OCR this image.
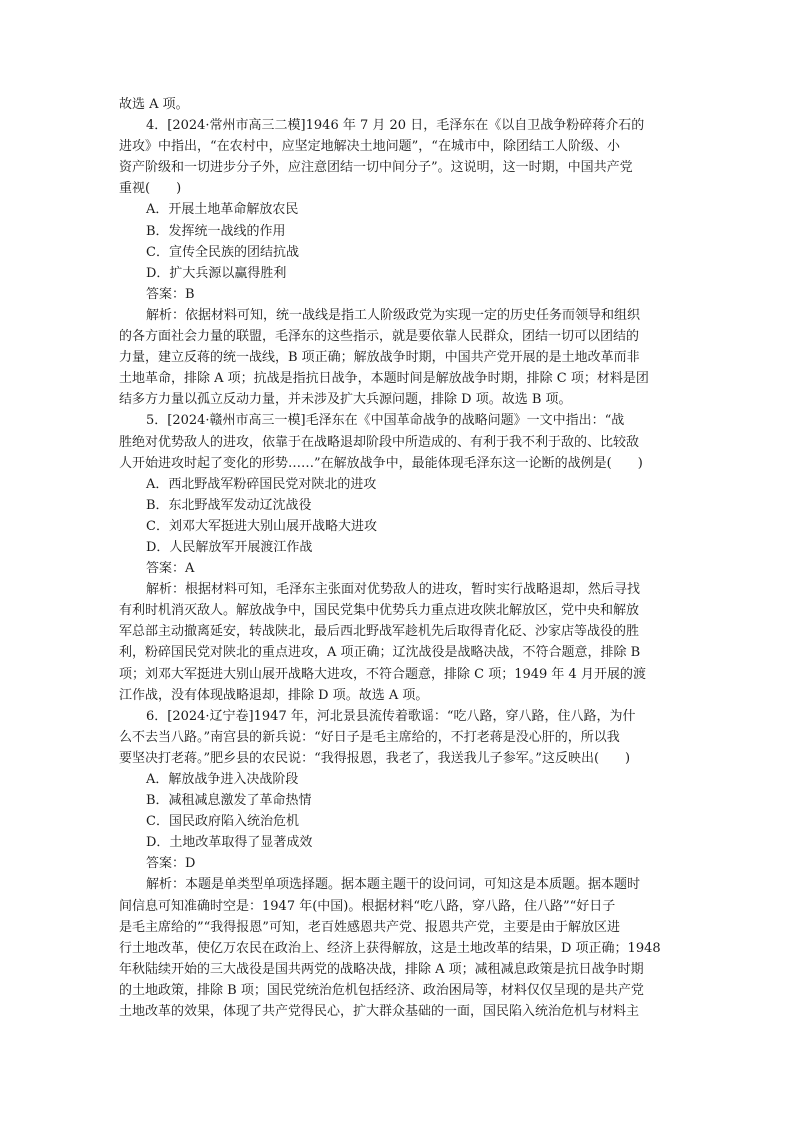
故选 A 项。
4．[2024·常州市高三二模]1946 年 7 月 20 日，毛泽东在《以自卫战争粉碎蒋介石的
进攻》中指出，“在农村中，应坚定地解决土地问题”，“在城市中，除团结工人阶级、小
资产阶级和一切进步分子外，应注意团结一切中间分子”。这说明，这一时期，中国共产党
重视(　　)
A．开展土地革命解放农民
B．发挥统一战线的作用
C．宣传全民族的团结抗战
D．扩大兵源以赢得胜利
答案：B
解析：依据材料可知，统一战线是指工人阶级政党为实现一定的历史任务而领导和组织
的各方面社会力量的联盟，毛泽东的这些指示，就是要依靠人民群众，团结一切可以团结的
力量，建立反蒋的统一战线，B 项正确；解放战争时期，中国共产党开展的是土地改革而非
土地革命，排除 A 项；抗战是指抗日战争，本题时间是解放战争时期，排除 C 项；材料是团
结多方力量以孤立反动力量，并未涉及扩大兵源问题，排除 D 项。故选 B 项。
5．[2024·赣州市高三一模]毛泽东在《中国革命战争的战略问题》一文中指出：“战
胜绝对优势敌人的进攻，依靠于在战略退却阶段中所造成的、有利于我不利于敌的、比较敌
人开始进攻时起了变化的形势……”在解放战争中，最能体现毛泽东这一论断的战例是(　　)
A．西北野战军粉碎国民党对陕北的进攻
B．东北野战军发动辽沈战役
C．刘邓大军挺进大别山展开战略大进攻
D．人民解放军开展渡江作战
答案：A
解析：根据材料可知，毛泽东主张面对优势敌人的进攻，暂时实行战略退却，然后寻找
有利时机消灭敌人。解放战争中，国民党集中优势兵力重点进攻陕北解放区，党中央和解放
军总部主动撤离延安，转战陕北，最后西北野战军趁机先后取得青化砭、沙家店等战役的胜
利，粉碎国民党对陕北的重点进攻，A 项正确；辽沈战役是战略决战，不符合题意，排除 B
项；刘邓大军挺进大别山展开战略大进攻，不符合题意，排除 C 项；1949 年 4 月开展的渡
江作战，没有体现战略退却，排除 D 项。故选 A 项。
6．[2024·辽宁卷]1947 年，河北景县流传着歌谣：“吃八路，穿八路，住八路，为什
么不去当八路。”南宫县的新兵说：“好日子是毛主席给的，不打老蒋是没心肝的，所以我
要坚决打老蒋。”肥乡县的农民说：“我得报恩，我老了，我送我儿子参军。”这反映出(　　)
A．解放战争进入决战阶段
B．减租减息激发了革命热情
C．国民政府陷入统治危机
D．土地改革取得了显著成效
答案：D
解析：本题是单类型单项选择题。据本题主题干的设问词，可知这是本质题。据本题时
间信息可知准确时空是：1947 年(中国)。根据材料“吃八路，穿八路，住八路”“好日子
是毛主席给的”“我得报恩”可知，老百姓感恩共产党、报恩共产党，主要是由于解放区进
行土地改革，使亿万农民在政治上、经济上获得解放，这是土地改革的结果，D 项正确；1948
年秋陆续开始的三大战役是国共两党的战略决战，排除 A 项；减租减息政策是抗日战争时期
的土地政策，排除 B 项；国民党统治危机包括经济、政治困局等，材料仅仅呈现的是共产党
土地改革的效果，体现了共产党得民心，扩大群众基础的一面，国民陷入统治危机与材料主
